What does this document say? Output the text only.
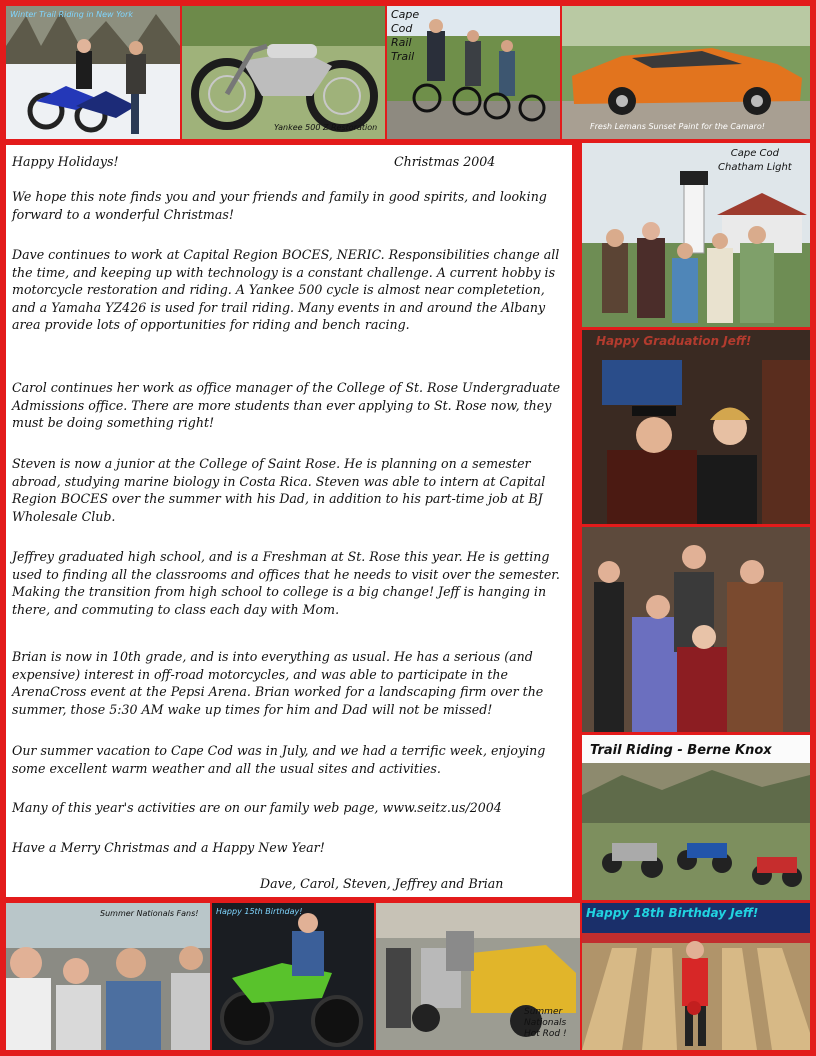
Winter Trail Riding in New York
Yankee 500 Z Restoration
Cape
Cod
Rail
Trail
Fresh Lemans Sunset Paint for the Camaro!

Happy Holidays!	Christmas 2004

We hope this note finds you and your friends and family in good spirits, and looking forward to a wonderful Christmas!

Dave continues to work at Capital Region BOCES, NERIC. Responsibilities change all the time, and keeping up with technology is a constant challenge. A current hobby is motorcycle restoration and riding. A Yankee 500 cycle is almost near completetion, and a Yamaha YZ426 is used for trail riding. Many events in and around the Albany area provide lots of opportunities for riding and bench racing.

Carol continues her work as office manager of the College of St. Rose Undergraduate Admissions office. There are more students than ever applying to St. Rose now, they must be doing something right!

Steven is now a junior at the College of Saint Rose. He is planning on a semester abroad, studying marine biology in Costa Rica. Steven was able to intern at Capital Region BOCES over the summer with his Dad, in addition to his part-time job at BJ Wholesale Club.

Jeffrey graduated high school, and is a Freshman at St. Rose this year. He is getting used to finding all the classrooms and offices that he needs to visit over the semester. Making the transition from high school to college is a big change! Jeff is hanging in there, and commuting to class each day with Mom.

Brian is now in 10th grade, and is into everything as usual. He has a serious (and expensive) interest in off-road motorcycles, and was able to participate in the ArenaCross event at the Pepsi Arena. Brian worked for a landscaping firm over the summer, those 5:30 AM wake up times for him and Dad will not be missed!

Our summer vacation to Cape Cod was in July, and we had a terrific week, enjoying some excellent warm weather and all the usual sites and activities.

Many of this year's activities are on our family web page, www.seitz.us/2004

Have a Merry Christmas and a Happy New Year!

Dave, Carol, Steven, Jeffrey and Brian

Cape Cod
Chatham Light
Happy Graduation Jeff!
Trail Riding - Berne Knox
Summer Nationals Fans! Happy 15th Birthday!
Summer
Nationals
Hot Rod !
Happy 18th Birthday Jeff!
